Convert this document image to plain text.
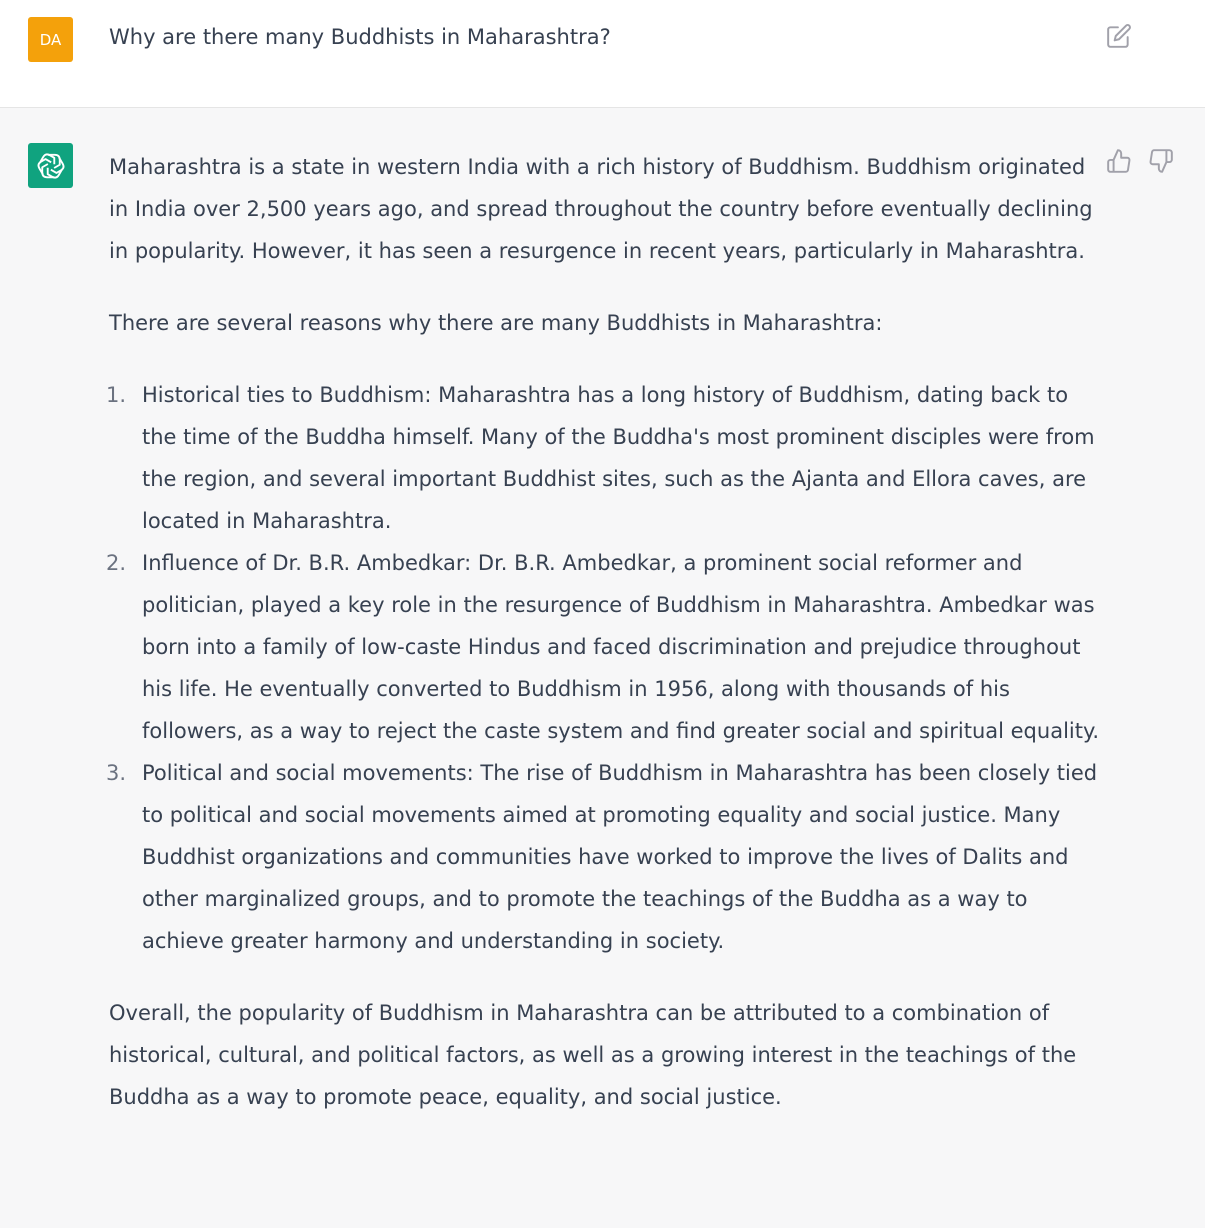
DA	Why are there many Buddhists in Maharashtra?

Maharashtra is a state in western India with a rich history of Buddhism. Buddhism originated in India over 2,500 years ago, and spread throughout the country before eventually declining in popularity. However, it has seen a resurgence in recent years, particularly in Maharashtra.

There are several reasons why there are many Buddhists in Maharashtra:

1. Historical ties to Buddhism: Maharashtra has a long history of Buddhism, dating back to the time of the Buddha himself. Many of the Buddha's most prominent disciples were from the region, and several important Buddhist sites, such as the Ajanta and Ellora caves, are located in Maharashtra.
2. Influence of Dr. B.R. Ambedkar: Dr. B.R. Ambedkar, a prominent social reformer and politician, played a key role in the resurgence of Buddhism in Maharashtra. Ambedkar was born into a family of low-caste Hindus and faced discrimination and prejudice throughout his life. He eventually converted to Buddhism in 1956, along with thousands of his followers, as a way to reject the caste system and find greater social and spiritual equality.
3. Political and social movements: The rise of Buddhism in Maharashtra has been closely tied to political and social movements aimed at promoting equality and social justice. Many Buddhist organizations and communities have worked to improve the lives of Dalits and other marginalized groups, and to promote the teachings of the Buddha as a way to achieve greater harmony and understanding in society.

Overall, the popularity of Buddhism in Maharashtra can be attributed to a combination of historical, cultural, and political factors, as well as a growing interest in the teachings of the Buddha as a way to promote peace, equality, and social justice.
